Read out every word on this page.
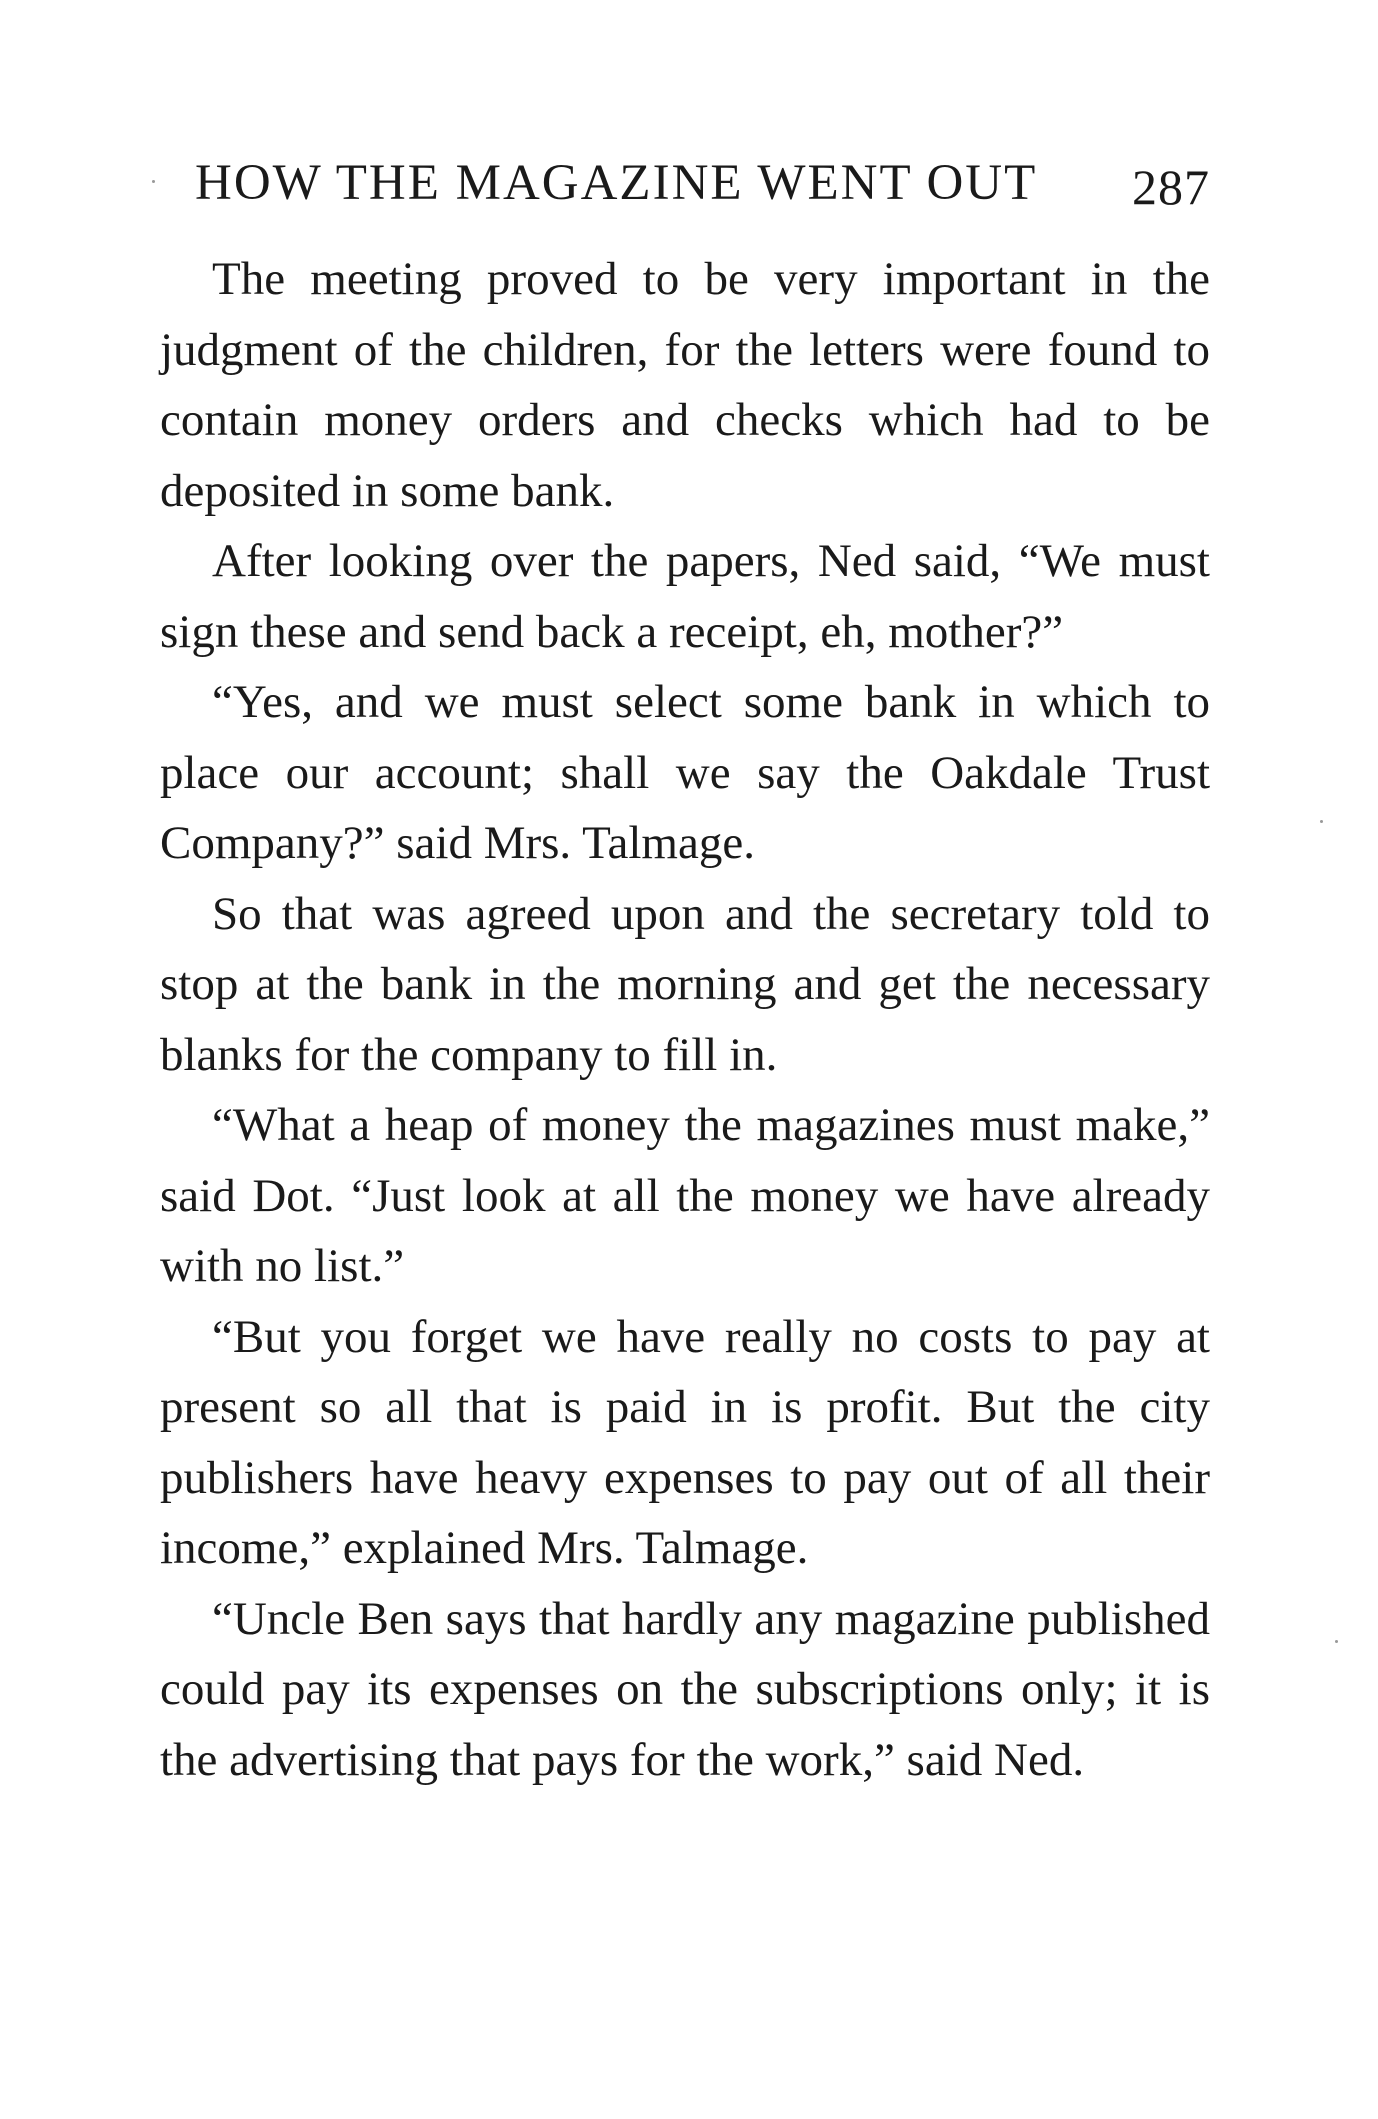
HOW THE MAGAZINE WENT OUT 287

The meeting proved to be very important in the judgment of the children, for the letters were found to contain money orders and checks which had to be deposited in some bank.

After looking over the papers, Ned said, “We must sign these and send back a receipt, eh, mother?”

“Yes, and we must select some bank in which to place our account; shall we say the Oakdale Trust Company?” said Mrs. Talmage.

So that was agreed upon and the secretary told to stop at the bank in the morning and get the necessary blanks for the company to fill in.

“What a heap of money the magazines must make,” said Dot. “Just look at all the money we have already with no list.”

“But you forget we have really no costs to pay at present so all that is paid in is profit. But the city publishers have heavy expenses to pay out of all their income,” explained Mrs. Talmage.

“Uncle Ben says that hardly any magazine published could pay its expenses on the subscriptions only; it is the advertising that pays for the work,” said Ned.
